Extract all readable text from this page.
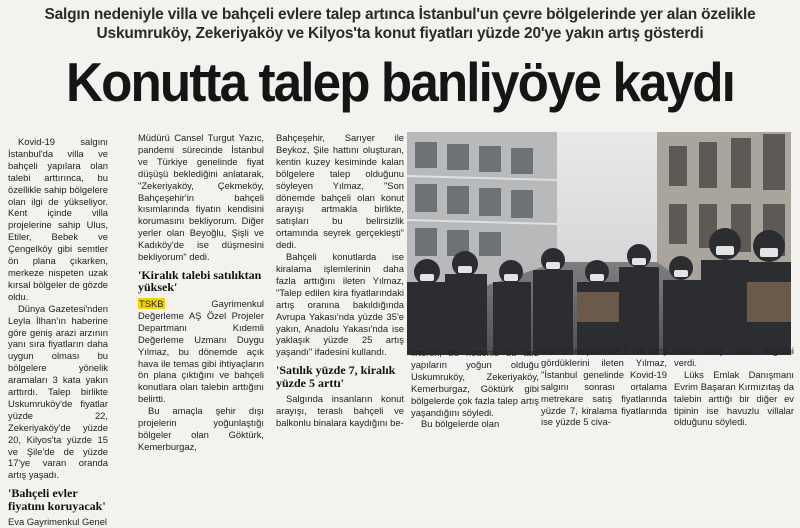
Salgın nedeniyle villa ve bahçeli evlere talep artınca İstanbul'un çevre bölgelerinde yer alan özelikle
Uskumruköy, Zekeriyaköy ve Kilyos'ta konut fiyatları yüzde 20'ye yakın artış gösterdi
Konutta talep banliyöye kaydı

Kovid-19 salgını İstanbul'da villa ve bahçeli yapılara olan talebi arttırınca, bu özellikle sahip bölgelere olan ilgi de yükseliyor. Kent içinde villa projelerine sahip Ulus, Etiler, Bebek ve Çengelköy gibi semtler ön plana çıkarken, merkeze nispeten uzak kırsal bölgeler de gözde oldu.

Dünya Gazetesi'nden Leyla İlhan'ın haberine göre geniş arazi arzının yanı sıra fiyatların daha uygun olması bu bölgelere yönelik aramaları 3 kata yakın arttırdı. Talep birlikte Uskumruköy'de fiyatlar yüzde 22, Zekeriyaköy'de yüzde 20, Kilyos'ta yüzde 15 ve Şile'de de yüzde 17'ye varan oranda artış yaşadı.

'Bahçeli evler fiyatını koruyacak'

Eva Gayrimenkul Genel

Müdürü Cansel Turgut Yazıc, pandemi sürecinde İstanbul ve Türkiye genelinde fiyat düşüşü beklediğini anlatarak, "Zekeriyaköy, Çekmeköy, Bahçeşehir'in bahçeli kısımlarında fiyatın kendisini korumasını bekliyorum. Diğer yerler olan Beyoğlu, Şişli ve Kadıköy'de ise düşmesini bekliyorum" dedi.

'Kiralık talebi satılıktan yüksek'

TSKB Gayrimenkul Değerleme AŞ Özel Projeler Departmanı Kıdemli Değerleme Uzmanı Duygu Yılmaz, bu dönemde açık hava ile temas gibi ihtiyaçların ön plana çıktığını ve bahçeli konutlara olan talebin arttığını belirtti.

Bu amaçla şehir dışı projelerin yoğunlaştığı bölgeler olan Göktürk, Kemerburgaz,

Bahçeşehir, Sarıyer ile Beykoz, Şile hattını oluşturan, kentin kuzey kesiminde kalan bölgelere talep olduğunu söyleyen Yılmaz, "Son dönemde bahçeli olan konut arayışı artmakla birlikte, satışları bu belirsizlik ortamında seyrek gerçekleşti" dedi.

Bahçeli konutlarda ise kiralama işlemlerinin daha fazla arttığını ileten Yılmaz, "Talep edilen kira fiyatlarındaki artış oranına bakıldığında Avrupa Yakası'nda yüzde 35'e yakın, Anadolu Yakası'nda ise yaklaşık yüzde 25 artış yaşandı" ifadesini kullandı.

'Satılık yüzde 7, kiralık yüzde 5 arttı'

Salgında insanların konut arayışı, teraslı bahçeli ve balkonlu binalara kaydığını be-

lirterek, bu nedenle bu tarz yapıların yoğun olduğu Uskumruköy, Zekeriyaköy, Kemerburgaz, Göktürk gibi bölgelerde çok fazla talep artış yaşandığını söyledi.

Bu bölgelerde olan

arama taleplerinde 2 kat artış gördüklerini ileten Yılmaz, "İstanbul genelinde Kovid-19 salgını sonrası ortalama metrekare satış fiyatlarında yüzde 7, kiralama fiyatlarında ise yüzde 5 civa-

rında artış oldu" bilgisini verdi.

Lüks Emlak Danışmanı Evrim Başaran Kırmızıtaş da talebin arttığı bir diğer ev tipinin ise havuzlu villalar olduğunu söyledi.
